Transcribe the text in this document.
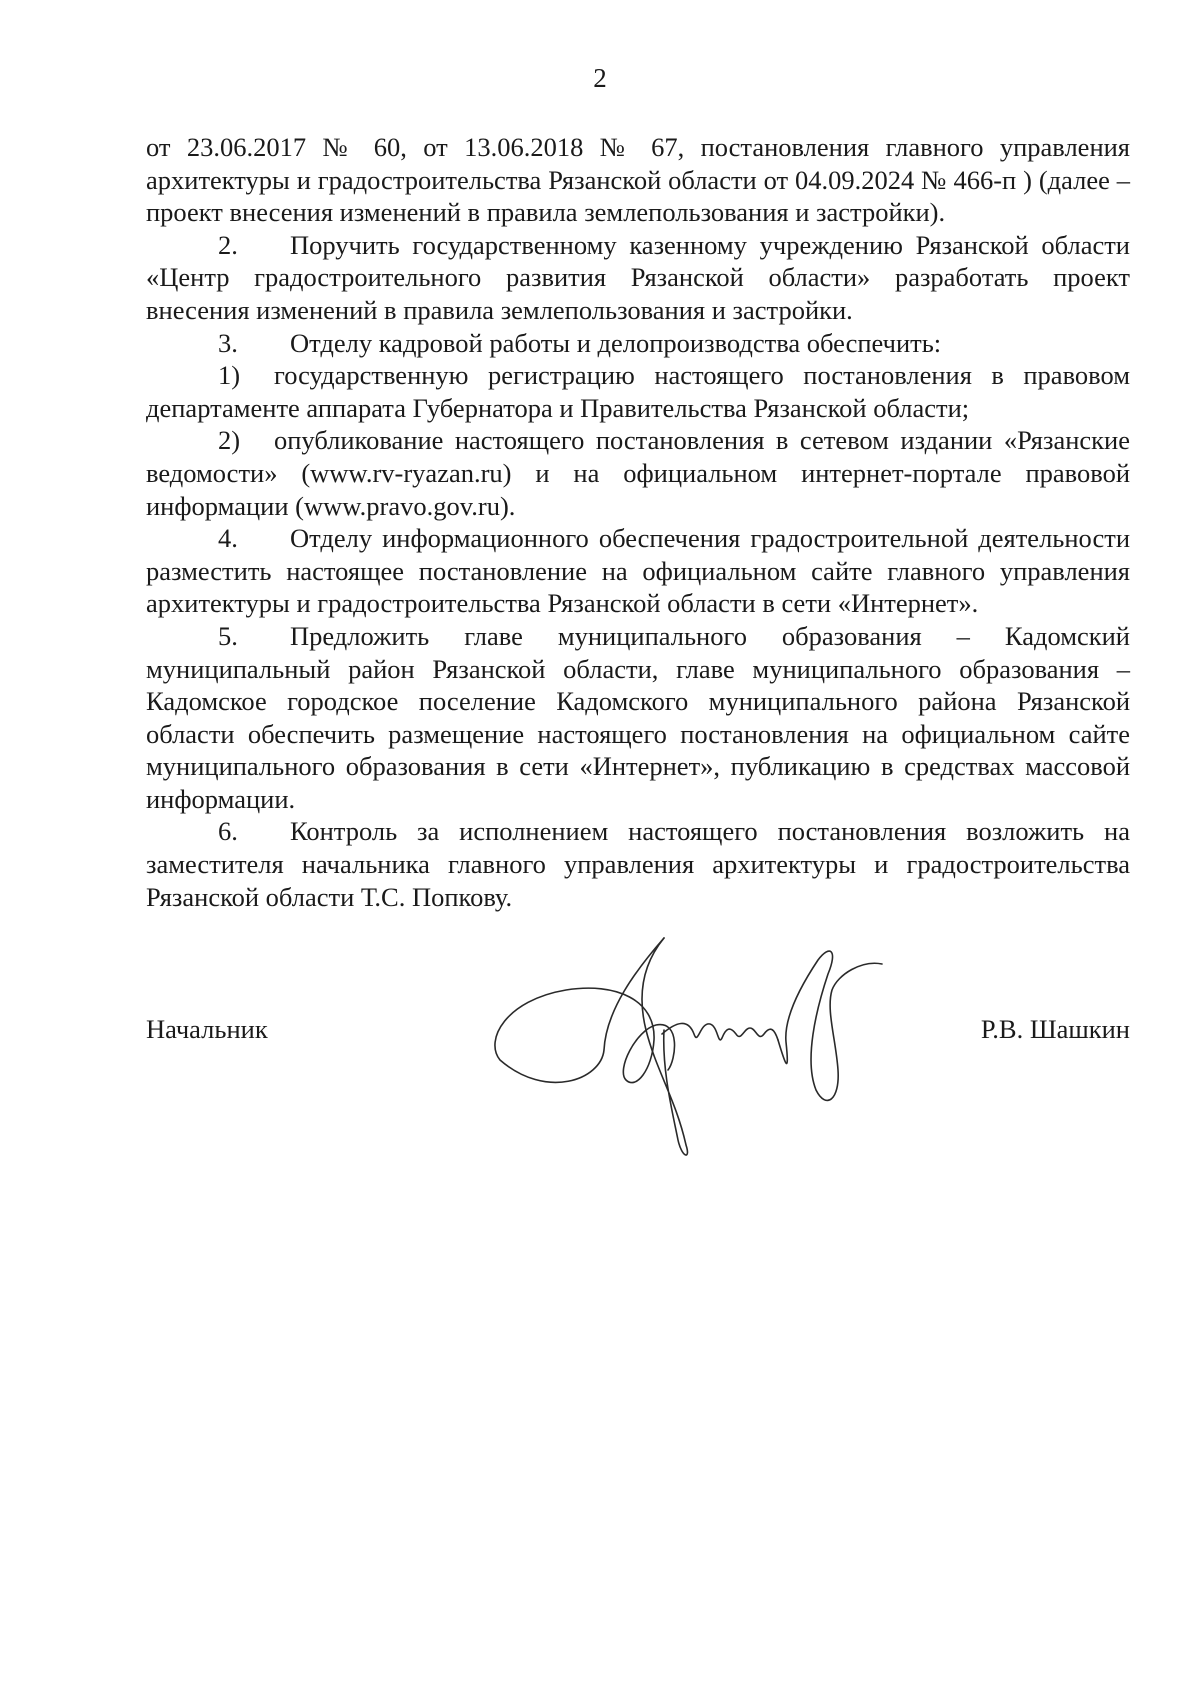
2

от 23.06.2017 № 60, от 13.06.2018 № 67, постановления главного управления архитектуры и градостроительства Рязанской области от 04.09.2024 № 466-п ) (далее – проект внесения изменений в правила землепользования и застройки).

2. Поручить государственному казенному учреждению Рязанской области «Центр градостроительного развития Рязанской области» разработать проект внесения изменений в правила землепользования и застройки.

3. Отделу кадровой работы и делопроизводства обеспечить:

1) государственную регистрацию настоящего постановления в правовом департаменте аппарата Губернатора и Правительства Рязанской области;

2) опубликование настоящего постановления в сетевом издании «Рязанские ведомости» (www.rv-ryazan.ru) и на официальном интернет-портале правовой информации (www.pravo.gov.ru).

4. Отделу информационного обеспечения градостроительной деятельности разместить настоящее постановление на официальном сайте главного управления архитектуры и градостроительства Рязанской области в сети «Интернет».

5. Предложить главе муниципального образования – Кадомский муниципальный район Рязанской области, главе муниципального образования – Кадомское городское поселение Кадомского муниципального района Рязанской области обеспечить размещение настоящего постановления на официальном сайте муниципального образования в сети «Интернет», публикацию в средствах массовой информации.

6. Контроль за исполнением настоящего постановления возложить на заместителя начальника главного управления архитектуры и градостроительства Рязанской области Т.С. Попкову.

Начальник	Р.В. Шашкин
